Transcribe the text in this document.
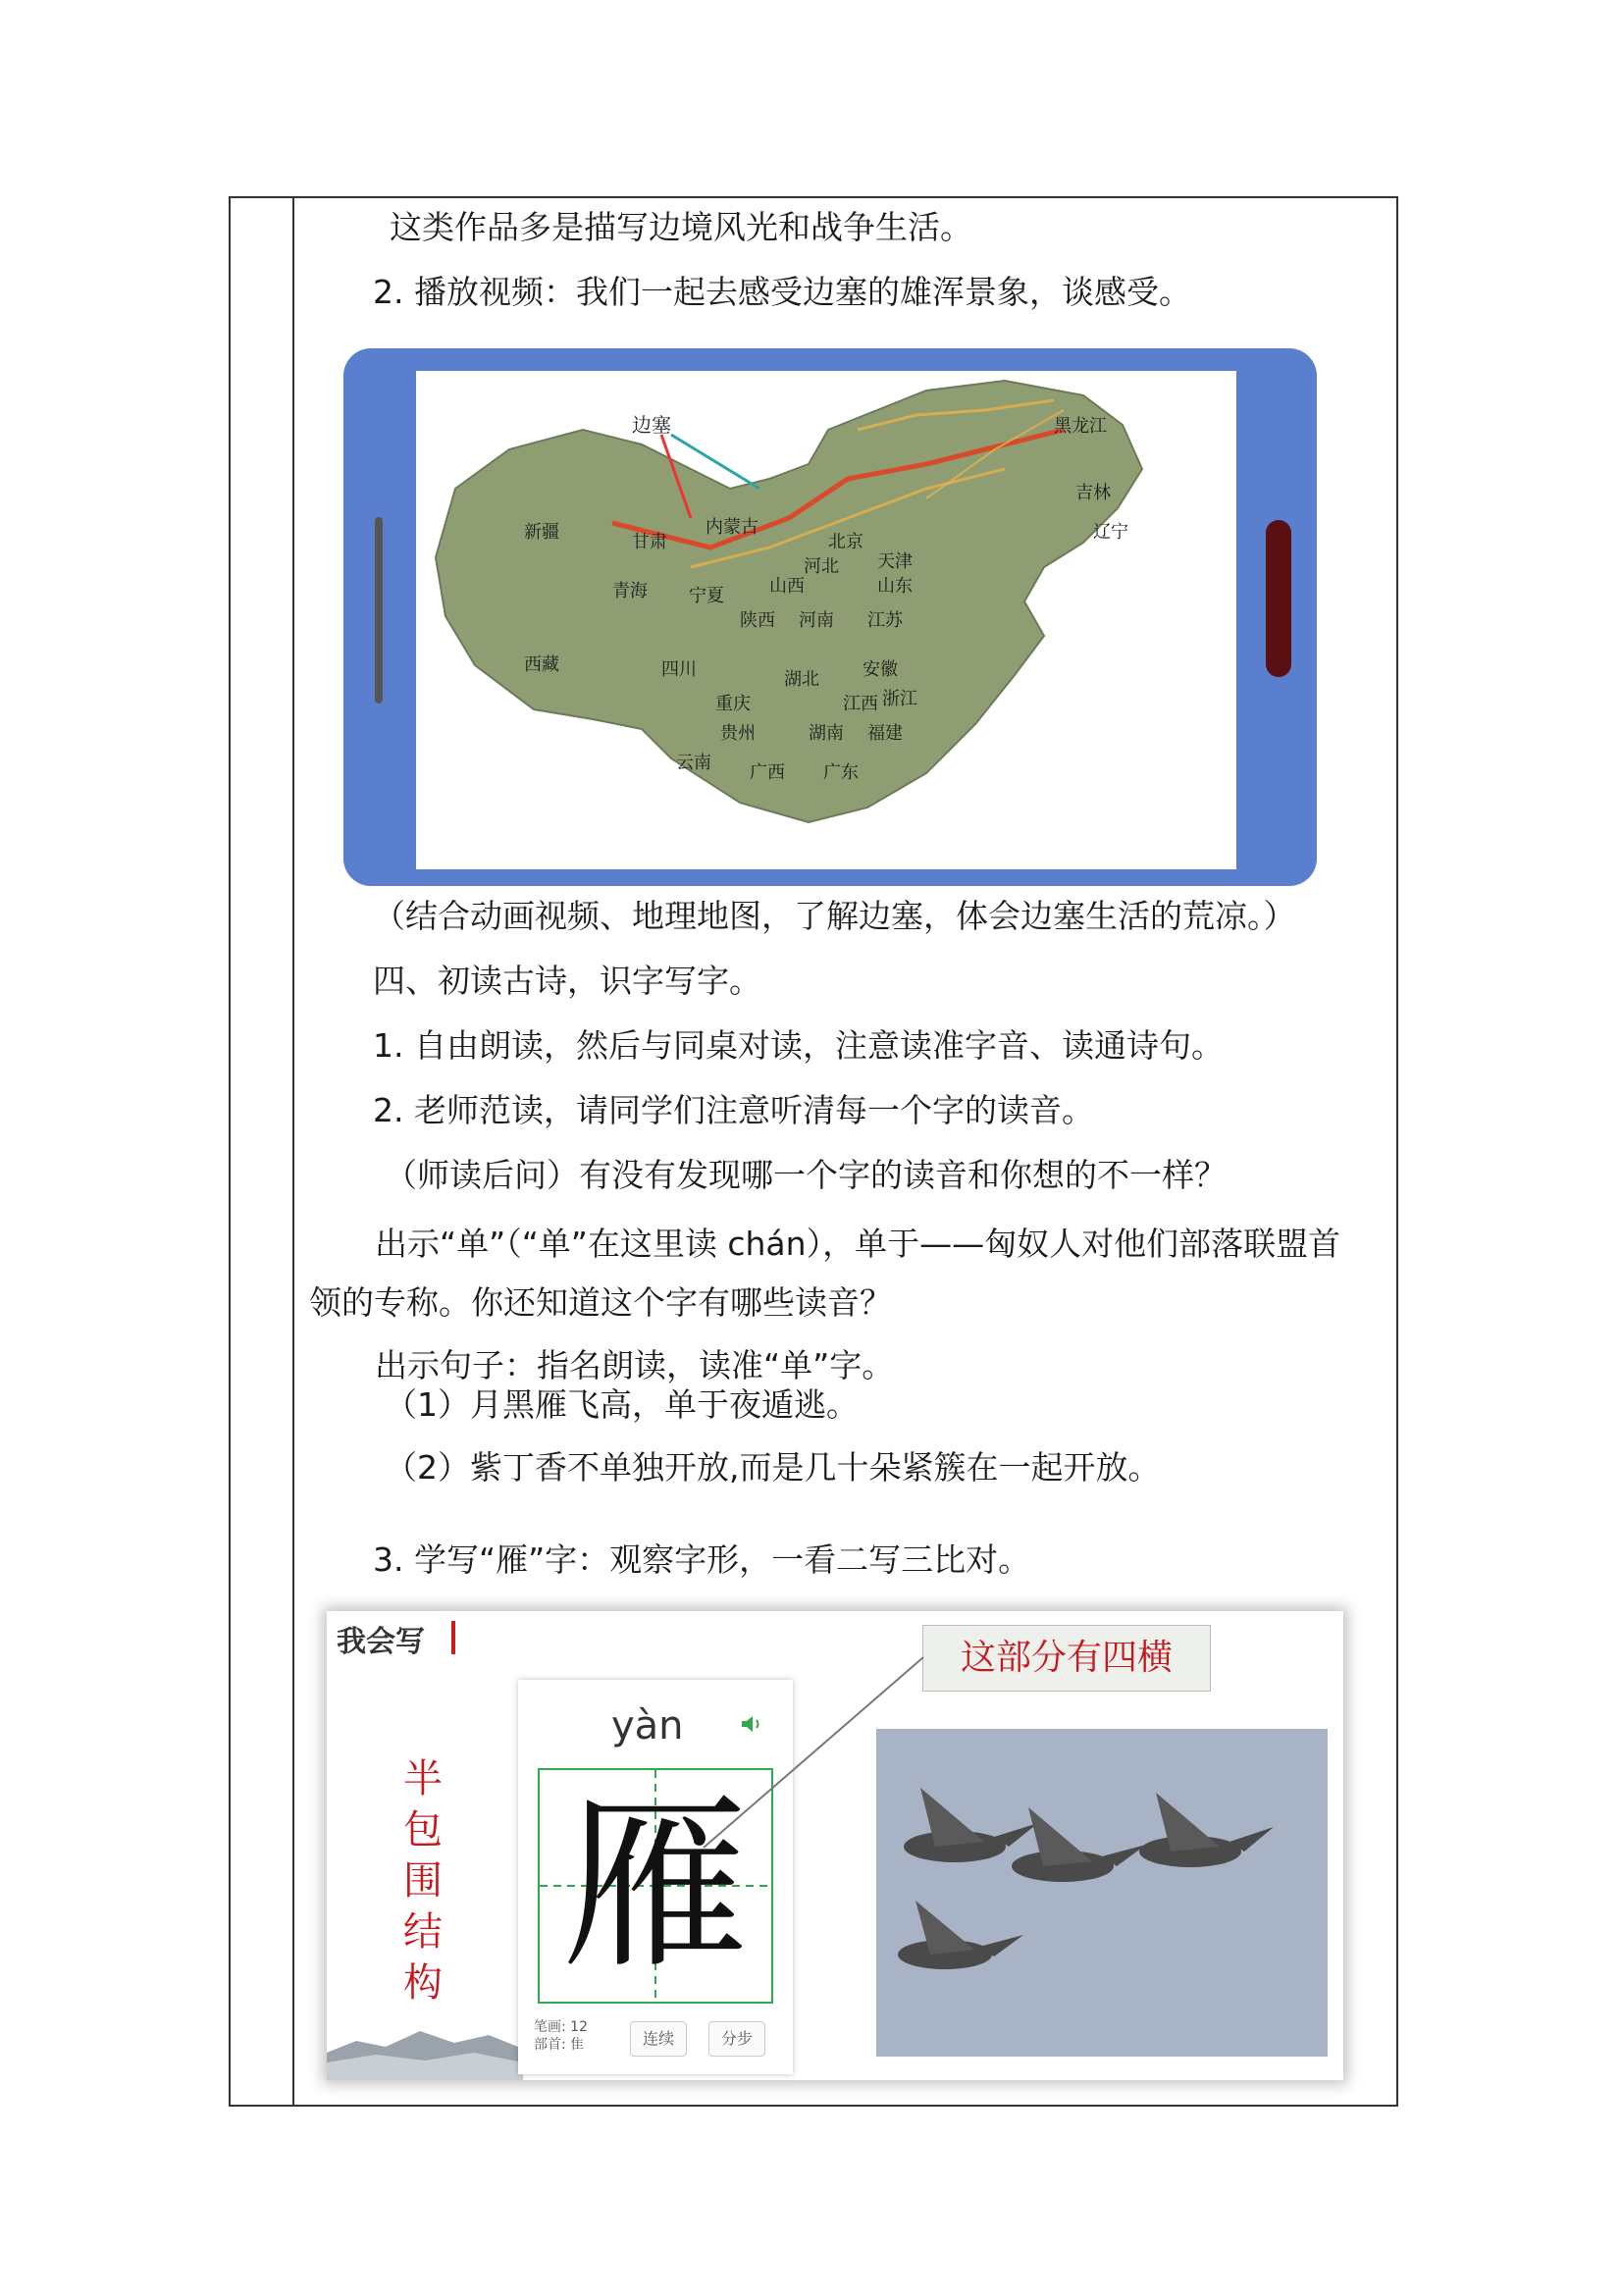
这类作品多是描写边境风光和战争生活。
2. 播放视频：我们一起去感受边塞的雄浑景象，谈感受。
边塞	黑龙江
吉林
辽宁
新疆	甘肃
内蒙古
北京
天津
河北
山东
青海 宁夏	山西
陕西 河南 江苏
西藏	四川	湖北 安徽
重庆	江西 浙江
贵州	湖南 福建
云南 广西 广东
（结合动画视频、地理地图，了解边塞，体会边塞生活的荒凉。）
四、初读古诗，识字写字。
1. 自由朗读，然后与同桌对读，注意读准字音、读通诗句。
2. 老师范读，请同学们注意听清每一个字的读音。
（师读后问）有没有发现哪一个字的读音和你想的不一样？
出示“单”（“单”在这里读 chán），单于——匈奴人对他们部落联盟首
领的专称。你还知道这个字有哪些读音？
出示句子：指名朗读，读准“单”字。
（1）月黑雁飞高，单于夜遁逃。
（2）紫丁香不单独开放,而是几十朵紧簇在一起开放。
3. 学写“雁”字：观察字形，一看二写三比对。
我会写
半
包
围
结
构
yàn
雁
笔画: 12
部首: 隹	连续	分步
这部分有四横
